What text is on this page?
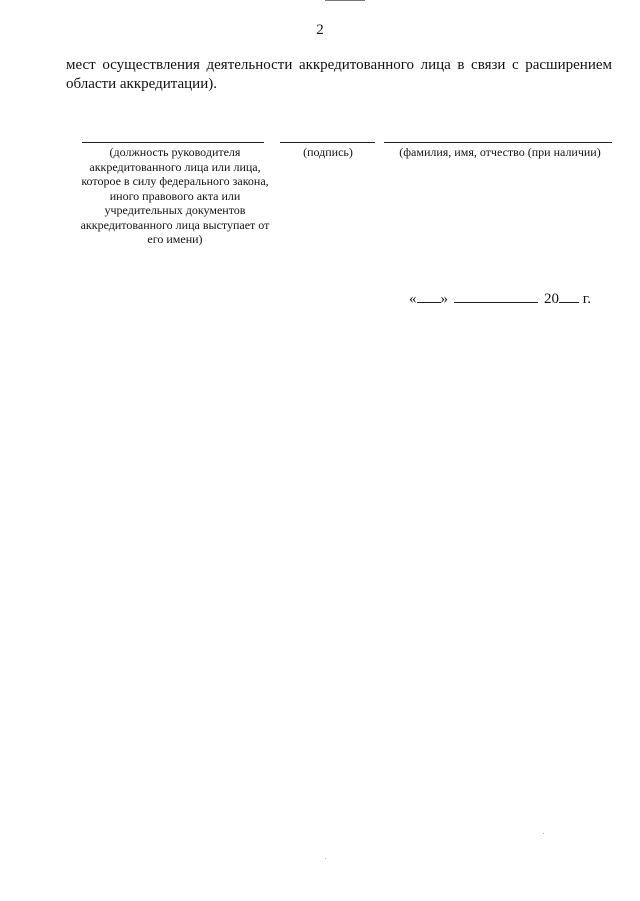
2
мест осуществления деятельности аккредитованного лица в связи с расширением
области аккредитации).
(должность руководителя аккредитованного лица или лица, которое в силу федерального закона, иного правового акта или учредительных документов аккредитованного лица выступает от его имени)
(подпись)	(фамилия, имя, отчество (при наличии)
« »	20 г.
